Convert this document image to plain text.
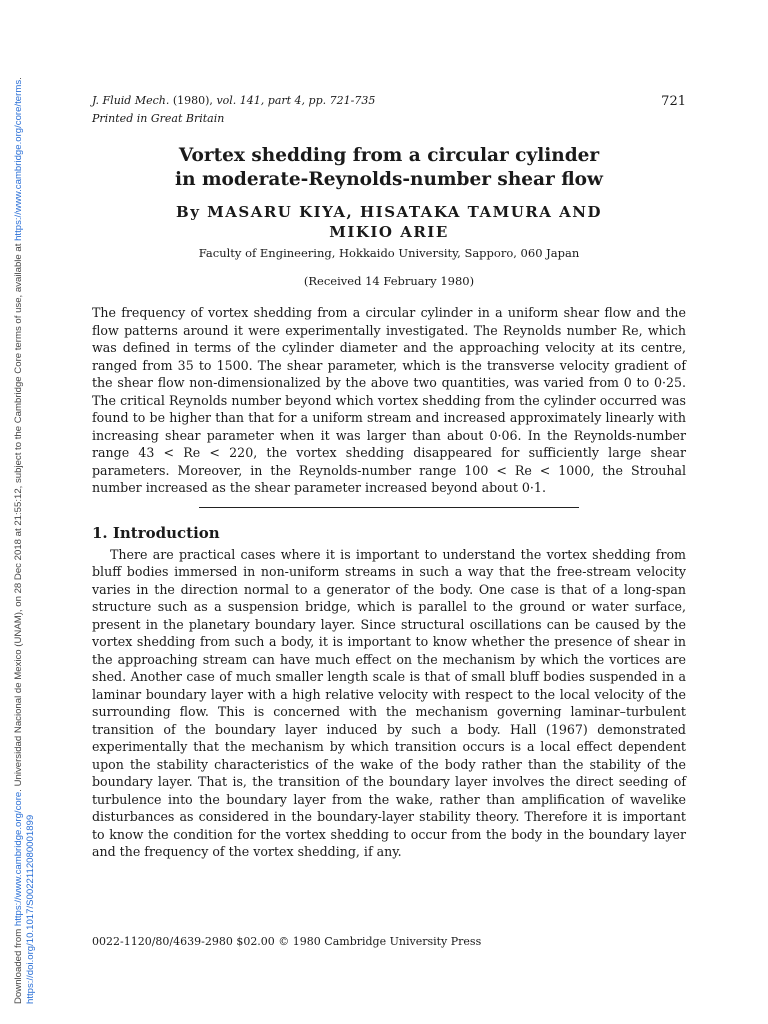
Downloaded from https://www.cambridge.org/core. Universidad Nacional de Mexico (UNAM), on 28 Dec 2018 at 21:55:12, subject to the Cambridge Core terms of use, available at https://www.cambridge.org/core/terms.
https://doi.org/10.1017/S0022112080001899
J. Fluid Mech. (1980), vol. 141, part 4, pp. 721-735
Printed in Great Britain
721
Vortex shedding from a circular cylinder
in moderate-Reynolds-number shear flow
By MASARU KIYA, HISATAKA TAMURA AND
MIKIO ARIE
Faculty of Engineering, Hokkaido University, Sapporo, 060 Japan
(Received 14 February 1980)

The frequency of vortex shedding from a circular cylinder in a uniform shear flow and the flow patterns around it were experimentally investigated. The Reynolds number Re, which was defined in terms of the cylinder diameter and the approaching velocity at its centre, ranged from 35 to 1500. The shear parameter, which is the transverse velocity gradient of the shear flow non-dimensionalized by the above two quantities, was varied from 0 to 0·25. The critical Reynolds number beyond which vortex shedding from the cylinder occurred was found to be higher than that for a uniform stream and increased approximately linearly with increasing shear parameter when it was larger than about 0·06. In the Reynolds-number range 43 < Re < 220, the vortex shedding disappeared for sufficiently large shear parameters. Moreover, in the Reynolds-number range 100 < Re < 1000, the Strouhal number increased as the shear parameter increased beyond about 0·1.

1. Introduction

There are practical cases where it is important to understand the vortex shedding from bluff bodies immersed in non-uniform streams in such a way that the free-stream velocity varies in the direction normal to a generator of the body. One case is that of a long-span structure such as a suspension bridge, which is parallel to the ground or water surface, present in the planetary boundary layer. Since structural oscillations can be caused by the vortex shedding from such a body, it is important to know whether the presence of shear in the approaching stream can have much effect on the mechanism by which the vortices are shed. Another case of much smaller length scale is that of small bluff bodies suspended in a laminar boundary layer with a high relative velocity with respect to the local velocity of the surrounding flow. This is concerned with the mechanism governing laminar–turbulent transition of the boundary layer induced by such a body. Hall (1967) demonstrated experimentally that the mechanism by which transition occurs is a local effect dependent upon the stability characteristics of the wake of the body rather than the stability of the boundary layer. That is, the transition of the boundary layer involves the direct seeding of turbulence into the boundary layer from the wake, rather than amplification of wavelike disturbances as considered in the boundary-layer stability theory. Therefore it is important to know the condition for the vortex shedding to occur from the body in the boundary layer and the frequency of the vortex shedding, if any.

0022-1120/80/4639-2980 $02.00 © 1980 Cambridge University Press
